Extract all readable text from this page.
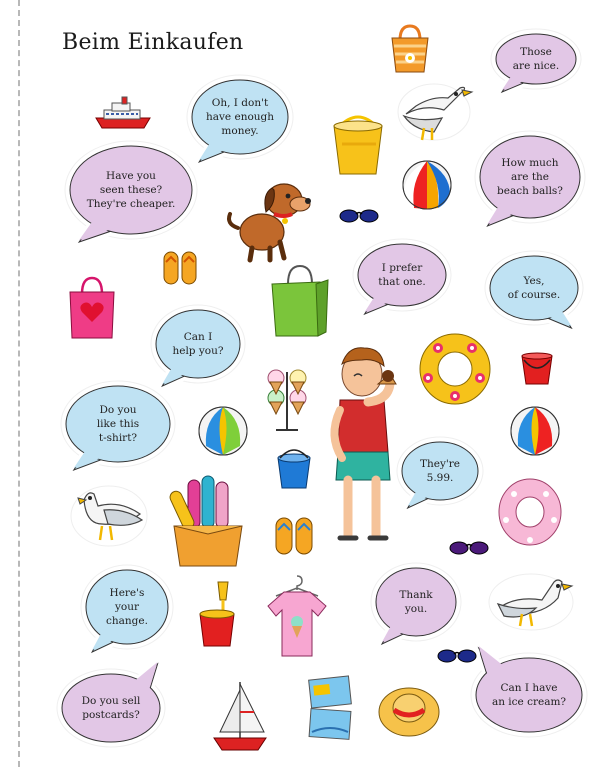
Beim Einkaufen	Those
are nice.
Oh, I don't
have enough
money.
Have you
seen these?
They're cheaper.
How much
are the
beach balls?
I prefer
that one.	Yes,
of course.
Can I
help you?
Do you
like this
t-shirt?
They're
5.99.
Here's
your
change.
Thank
you.
Do you sell
postcards?
Can I have
an ice cream?
